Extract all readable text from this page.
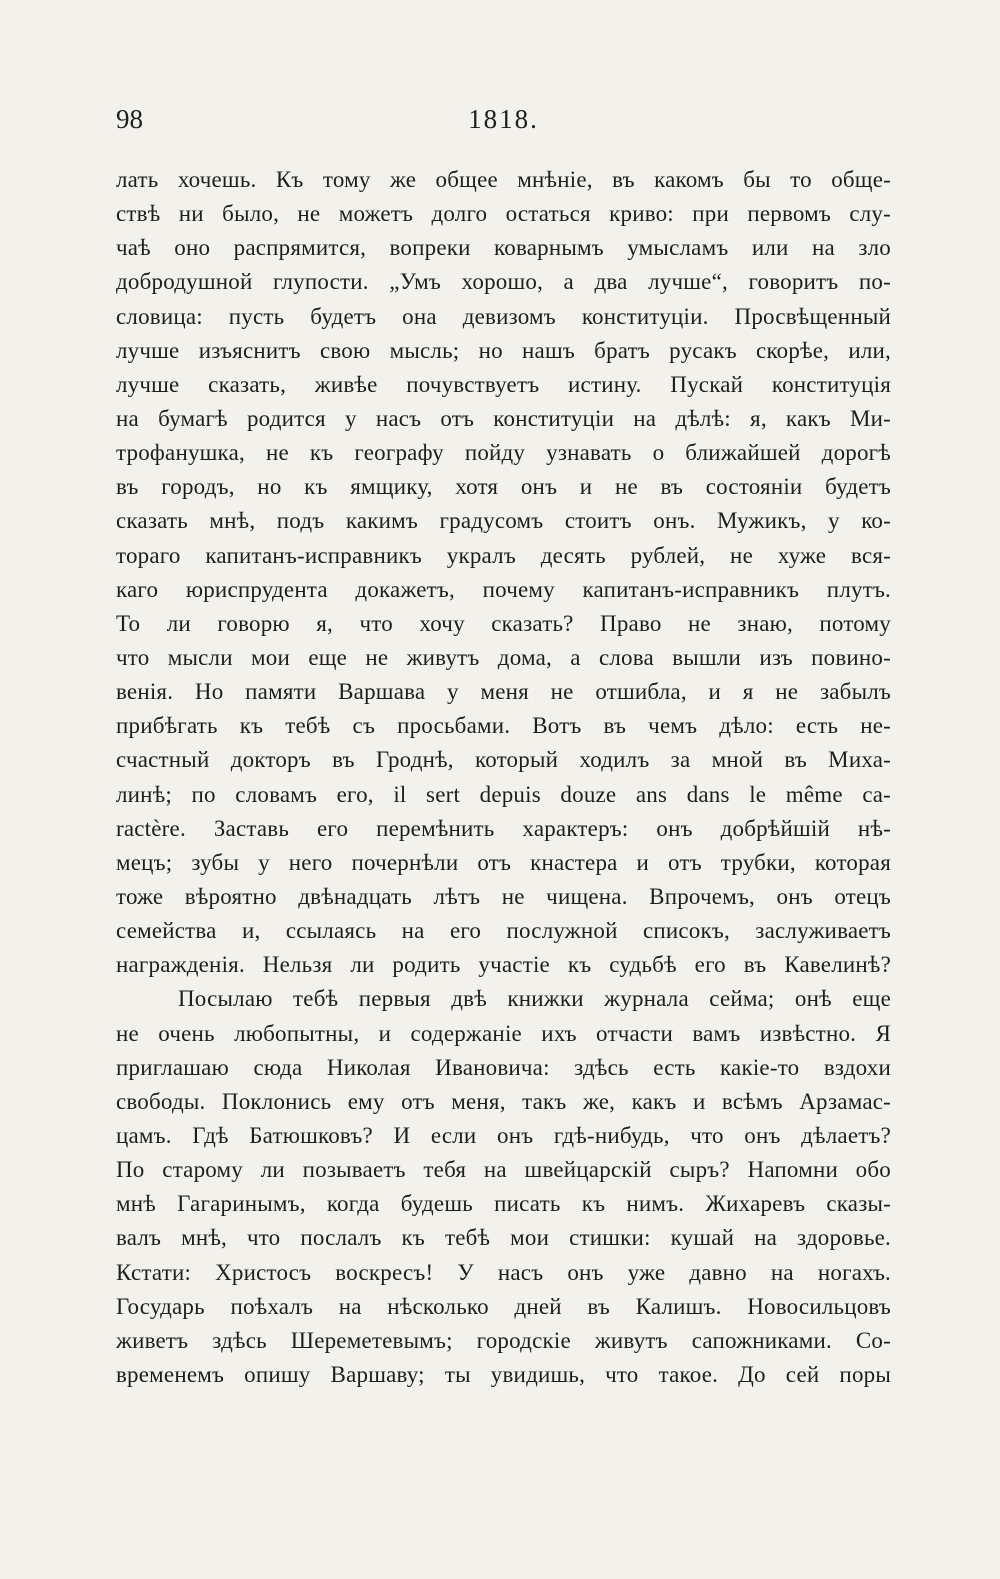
98	1818.
лать хочешь. Къ тому же общее мнѣніе, въ какомъ бы то обще-
ствѣ ни было, не можетъ долго остаться криво: при первомъ слу-
чаѣ оно распрямится, вопреки коварнымъ умысламъ или на зло
добродушной глупости. „Умъ хорошо, а два лучше“, говоритъ по-
словица: пусть будетъ она девизомъ конституціи. Просвѣщенный
лучше изъяснитъ свою мысль; но нашъ братъ русакъ скорѣе, или,
лучше сказать, живѣе почувствуетъ истину. Пускай конституція
на бумагѣ родится у насъ отъ конституціи на дѣлѣ: я, какъ Ми-
трофанушка, не къ географу пойду узнавать о ближайшей дорогѣ
въ городъ, но къ ямщику, хотя онъ и не въ состояніи будетъ
сказать мнѣ, подъ какимъ градусомъ стоитъ онъ. Мужикъ, у ко-
тораго капитанъ-исправникъ укралъ десять рублей, не хуже вся-
каго юриспрудента докажетъ, почему капитанъ-исправникъ плутъ.
То ли говорю я, что хочу сказать? Право не знаю, потому
что мысли мои еще не живутъ дома, а слова вышли изъ повино-
венія. Но памяти Варшава у меня не отшибла, и я не забылъ
прибѣгать къ тебѣ съ просьбами. Вотъ въ чемъ дѣло: есть не-
счастный докторъ въ Гроднѣ, который ходилъ за мной въ Миха-
линѣ; по словамъ его, il sert depuis douze ans dans le même ca-
ractère. Заставь его перемѣнить характеръ: онъ добрѣйшій нѣ-
мецъ; зубы у него почернѣли отъ кнастера и отъ трубки, которая
тоже вѣроятно двѣнадцать лѣтъ не чищена. Впрочемъ, онъ отецъ
семейства и, ссылаясь на его послужной списокъ, заслуживаетъ
награжденія. Нельзя ли родить участіе къ судьбѣ его въ Кавелинѣ?
Посылаю тебѣ первыя двѣ книжки журнала сейма; онѣ еще
не очень любопытны, и содержаніе ихъ отчасти вамъ извѣстно. Я
приглашаю сюда Николая Ивановича: здѣсь есть какіе-то вздохи
свободы. Поклонись ему отъ меня, такъ же, какъ и всѣмъ Арзамас-
цамъ. Гдѣ Батюшковъ? И если онъ гдѣ-нибудь, что онъ дѣлаетъ?
По старому ли позываетъ тебя на швейцарскій сыръ? Напомни обо
мнѣ Гагаринымъ, когда будешь писать къ нимъ. Жихаревъ сказы-
валъ мнѣ, что послалъ къ тебѣ мои стишки: кушай на здоровье.
Кстати: Христосъ воскресъ! У насъ онъ уже давно на ногахъ.
Государь поѣхалъ на нѣсколько дней въ Калишъ. Новосильцовъ
живетъ здѣсь Шереметевымъ; городскіе живутъ сапожниками. Со-
временемъ опишу Варшаву; ты увидишь, что такое. До сей поры
